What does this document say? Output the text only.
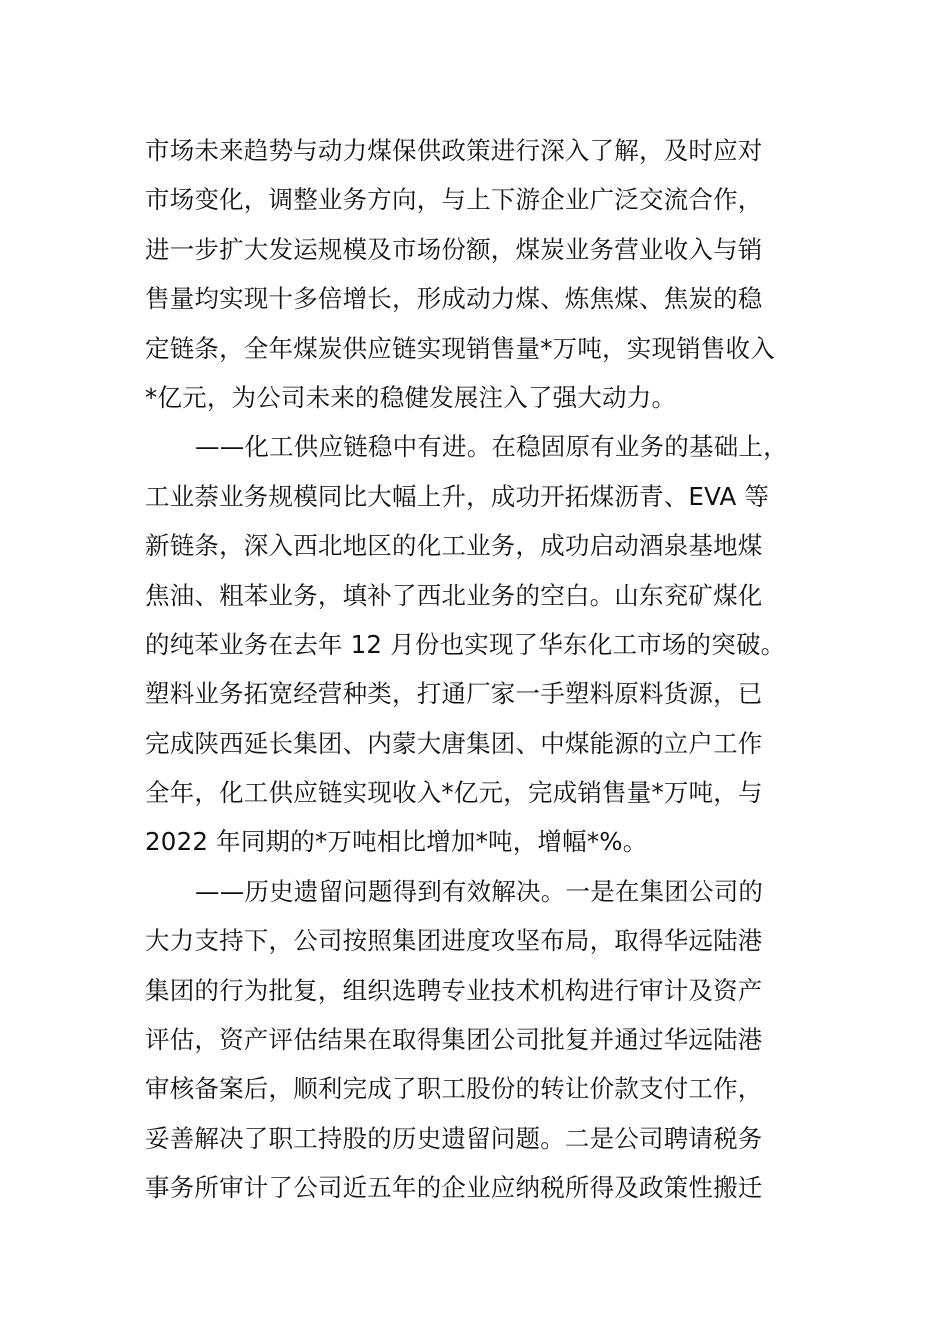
市场未来趋势与动力煤保供政策进行深入了解，及时应对
市场变化，调整业务方向，与上下游企业广泛交流合作，
进一步扩大发运规模及市场份额，煤炭业务营业收入与销
售量均实现十多倍增长，形成动力煤、炼焦煤、焦炭的稳
定链条，全年煤炭供应链实现销售量*万吨，实现销售收入
*亿元，为公司未来的稳健发展注入了强大动力。
——化工供应链稳中有进。在稳固原有业务的基础上，
工业萘业务规模同比大幅上升，成功开拓煤沥青、EVA 等
新链条，深入西北地区的化工业务，成功启动酒泉基地煤
焦油、粗苯业务，填补了西北业务的空白。山东兖矿煤化
的纯苯业务在去年 12 月份也实现了华东化工市场的突破。
塑料业务拓宽经营种类，打通厂家一手塑料原料货源，已
完成陕西延长集团、内蒙大唐集团、中煤能源的立户工作
全年，化工供应链实现收入*亿元，完成销售量*万吨，与
2022 年同期的*万吨相比增加*吨，增幅*%。
——历史遗留问题得到有效解决。一是在集团公司的
大力支持下，公司按照集团进度攻坚布局，取得华远陆港
集团的行为批复，组织选聘专业技术机构进行审计及资产
评估，资产评估结果在取得集团公司批复并通过华远陆港
审核备案后，顺利完成了职工股份的转让价款支付工作，
妥善解决了职工持股的历史遗留问题。二是公司聘请税务
事务所审计了公司近五年的企业应纳税所得及政策性搬迁
